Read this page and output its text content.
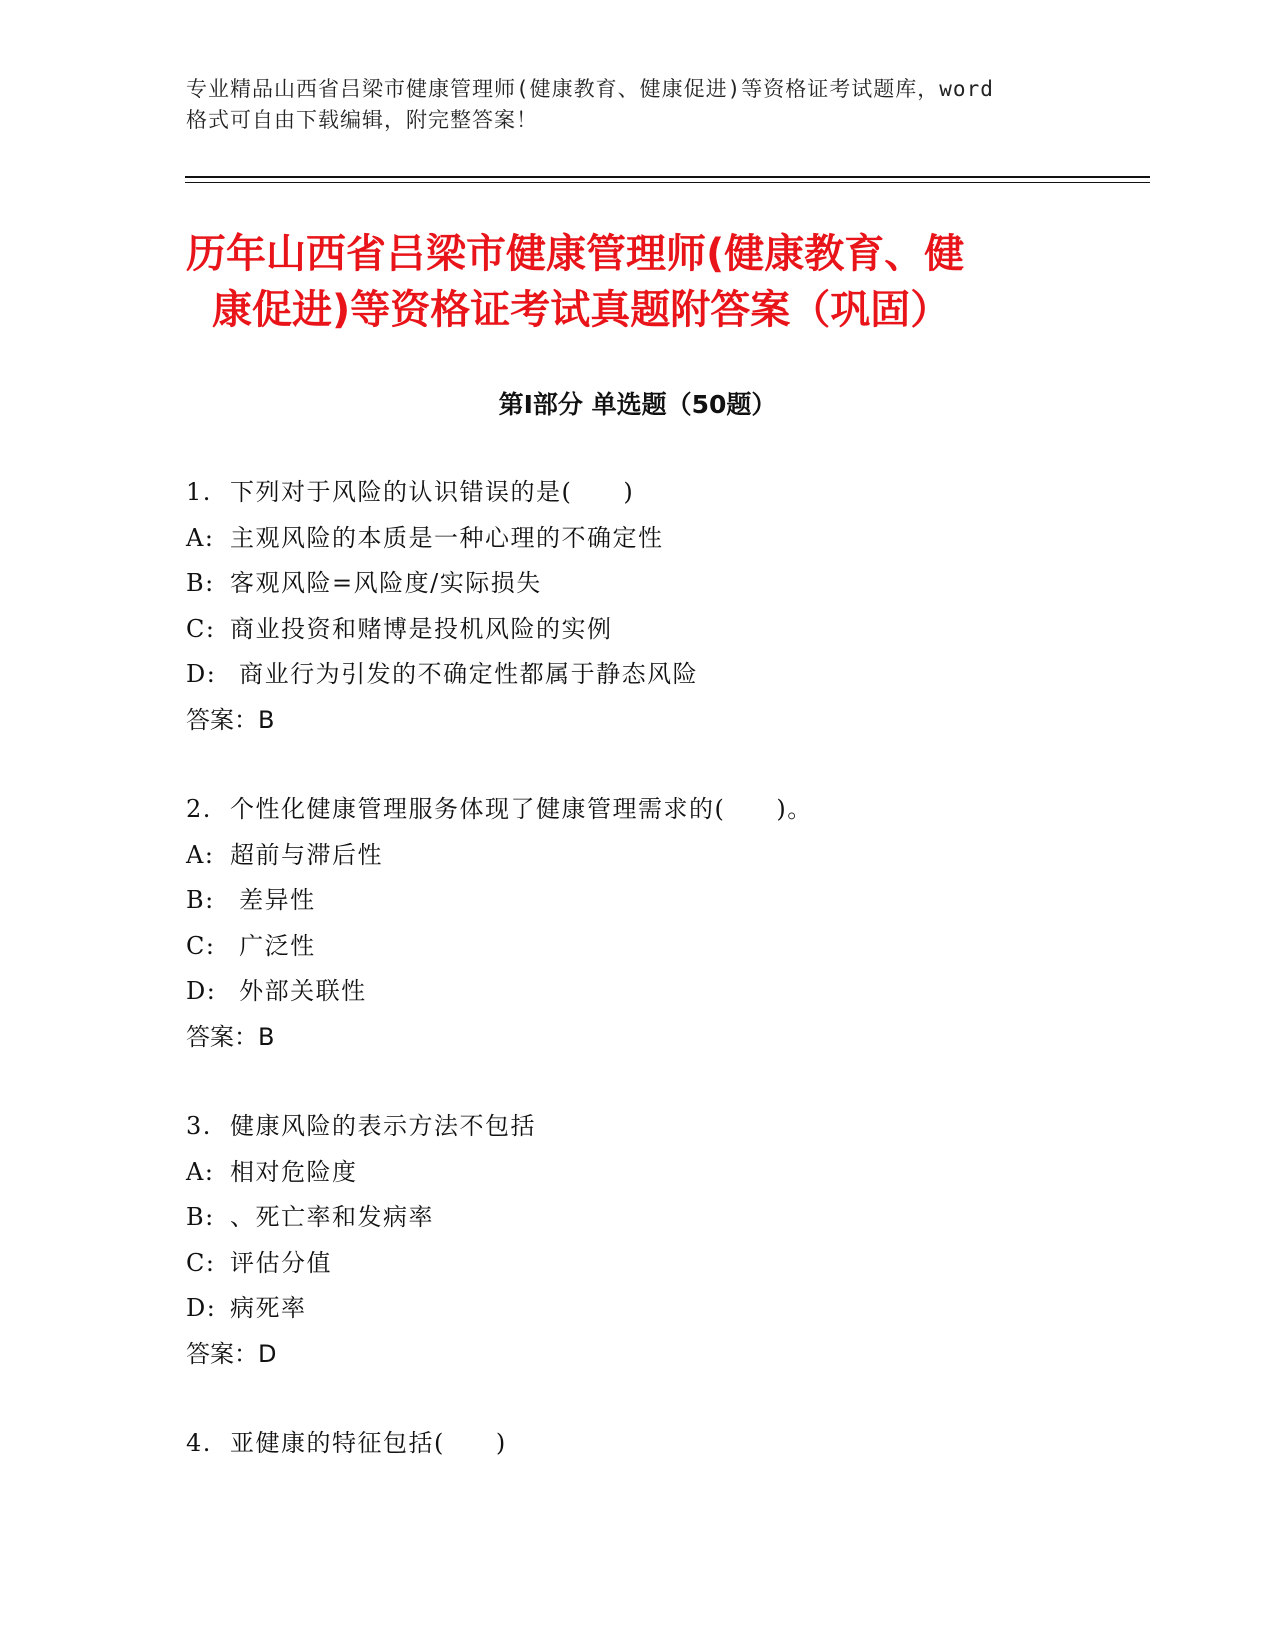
专业精品山西省吕梁市健康管理师(健康教育、健康促进)等资格证考试题库，word
格式可自由下载编辑，附完整答案！
历年山西省吕梁市健康管理师(健康教育、健
康促进)等资格证考试真题附答案（巩固）
第Ⅰ部分 单选题（50题）
1. 下列对于风险的认识错误的是(　　)
A: 主观风险的本质是一种心理的不确定性
B: 客观风险=风险度/实际损失
C: 商业投资和赌博是投机风险的实例
D: 商业行为引发的不确定性都属于静态风险
答案：B
2. 个性化健康管理服务体现了健康管理需求的(　　)。
A: 超前与滞后性
B: 差异性
C: 广泛性
D: 外部关联性
答案：B
3. 健康风险的表示方法不包括
A: 相对危险度
B: 、死亡率和发病率
C: 评估分值
D: 病死率
答案：D
4. 亚健康的特征包括(　　)
